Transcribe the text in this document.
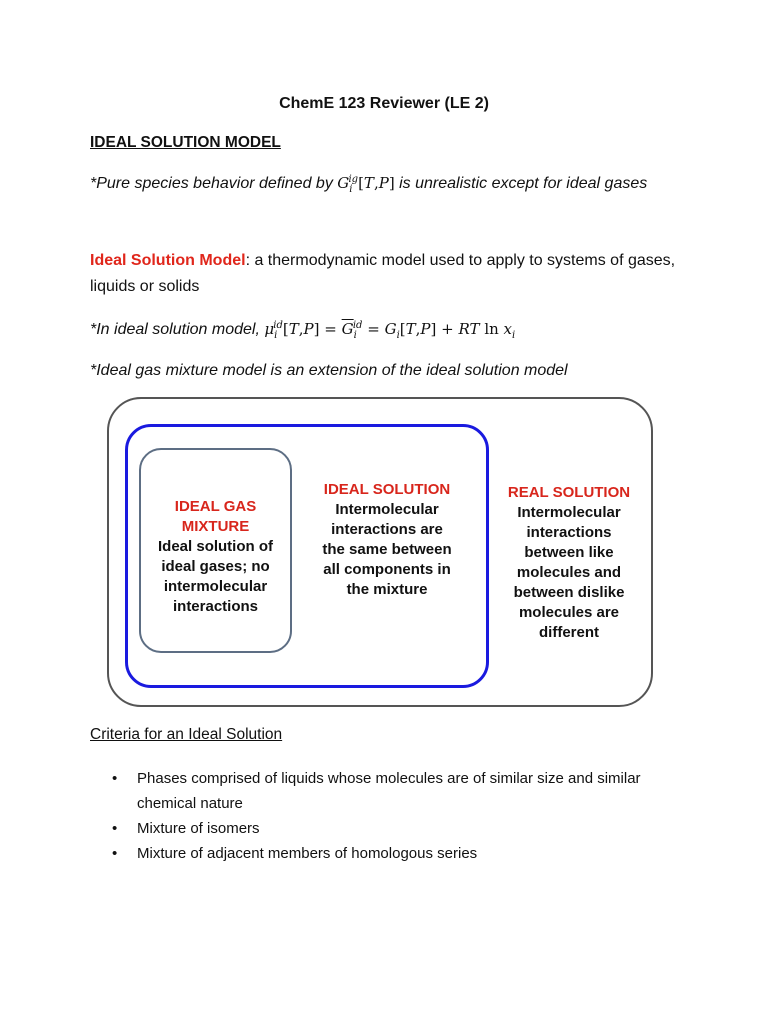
ChemE 123 Reviewer (LE 2)
IDEAL SOLUTION MODEL
*Pure species behavior defined by $G_i^{ig}[T,P]$ is unrealistic except for ideal gases
Ideal Solution Model: a thermodynamic model used to apply to systems of gases, liquids or solids
*In ideal solution model, $\mu_i^{id}[T,P] = \overline{G}_i^{id} = G_i[T,P]$ + RT $\ln x_i$
*Ideal gas mixture model is an extension of the ideal solution model
IDEAL GAS
MIXTURE
Ideal solution of
ideal gases; no
intermolecular
interactions
IDEAL SOLUTION
Intermolecular
interactions are
the same between
all components in
the mixture
REAL SOLUTION
Intermolecular
interactions
between like
molecules and
between dislike
molecules are
different
Criteria for an Ideal Solution
• Phases comprised of liquids whose molecules are of similar size and similar chemical nature
• Mixture of isomers
• Mixture of adjacent members of homologous series
